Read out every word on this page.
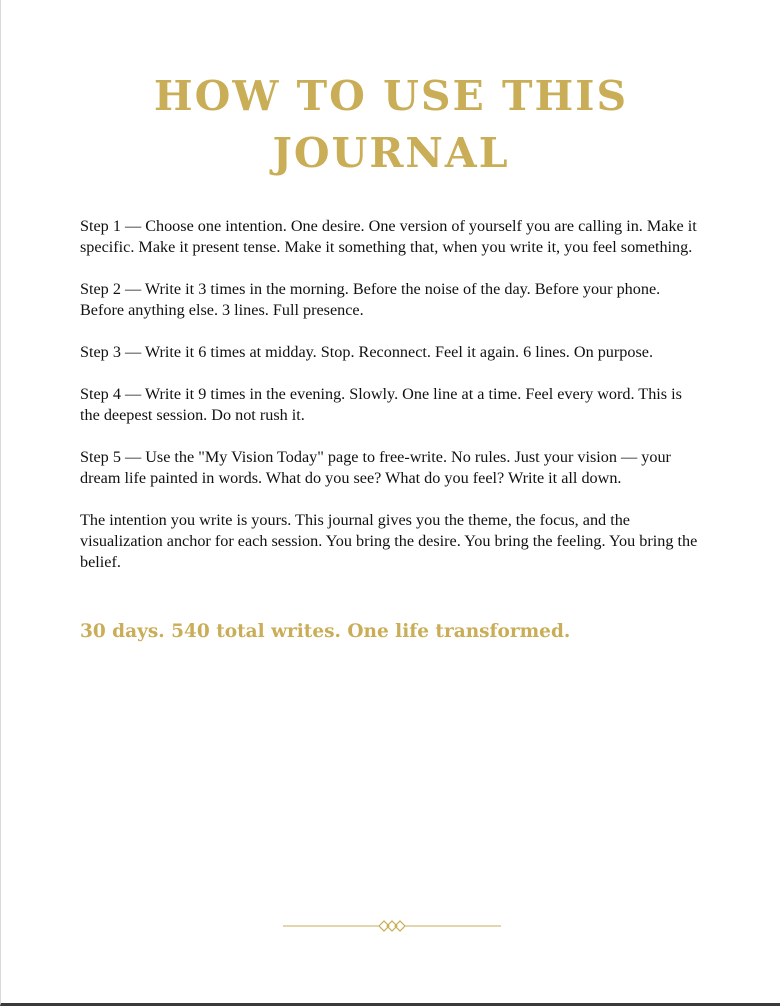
HOW TO USE THIS
JOURNAL

Step 1 — Choose one intention. One desire. One version of yourself you are calling in. Make it specific. Make it present tense. Make it something that, when you write it, you feel something.

Step 2 — Write it 3 times in the morning. Before the noise of the day. Before your phone. Before anything else. 3 lines. Full presence.

Step 3 — Write it 6 times at midday. Stop. Reconnect. Feel it again. 6 lines. On purpose.

Step 4 — Write it 9 times in the evening. Slowly. One line at a time. Feel every word. This is the deepest session. Do not rush it.

Step 5 — Use the "My Vision Today" page to free-write. No rules. Just your vision — your dream life painted in words. What do you see? What do you feel? Write it all down.

The intention you write is yours. This journal gives you the theme, the focus, and the visualization anchor for each session. You bring the desire. You bring the feeling. You bring the belief.

30 days. 540 total writes. One life transformed.
